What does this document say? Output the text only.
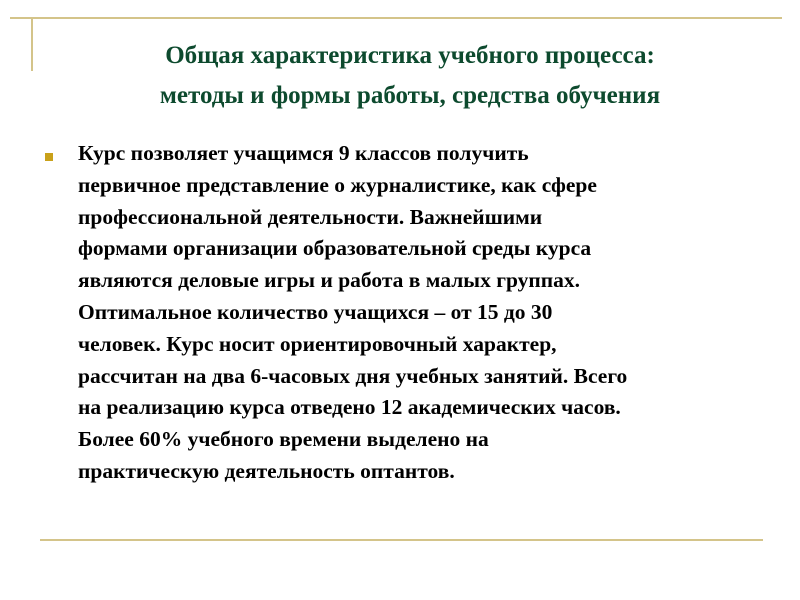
Общая характеристика учебного процесса:
методы и формы работы, средства обучения
Курс позволяет учащимся 9 классов получить
первичное представление о журналистике, как сфере
профессиональной деятельности. Важнейшими
формами организации образовательной среды курса
являются деловые игры и работа в малых группах.
Оптимальное количество учащихся – от 15 до 30
человек. Курс носит ориентировочный характер,
рассчитан на два 6-часовых дня учебных занятий. Всего
на реализацию курса отведено 12 академических часов.
Более 60% учебного времени выделено на
практическую деятельность оптантов.
